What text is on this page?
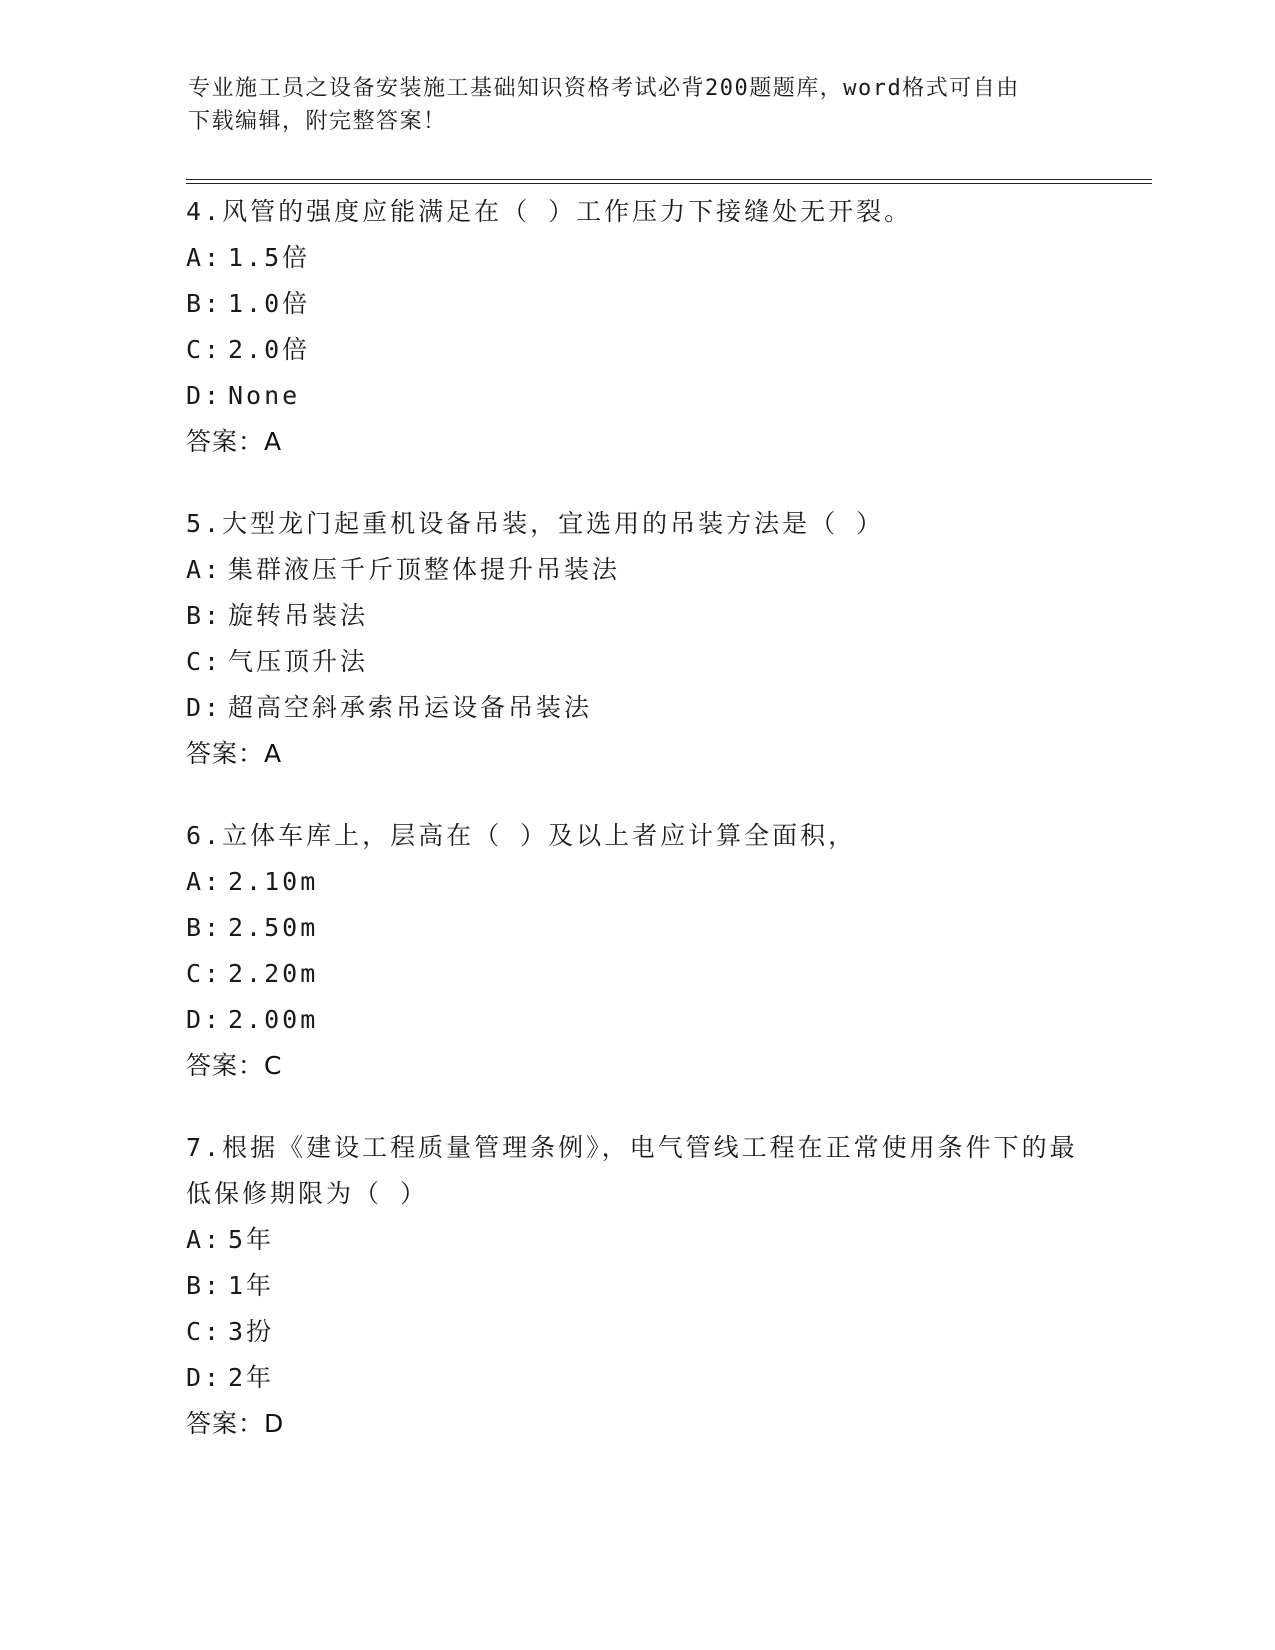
专业施工员之设备安装施工基础知识资格考试必背200题题库，word格式可自由
下载编辑，附完整答案！
4.风管的强度应能满足在（ ）工作压力下接缝处无开裂。
A: 1.5倍
B: 1.0倍
C: 2.0倍
D: None
答案：A
5.大型龙门起重机设备吊装，宜选用的吊装方法是（ ）
A: 集群液压千斤顶整体提升吊装法
B: 旋转吊装法
C: 气压顶升法
D: 超高空斜承索吊运设备吊装法
答案：A
6.立体车库上，层高在（ ）及以上者应计算全面积，
A: 2.10m
B: 2.50m
C: 2.20m
D: 2.00m
答案：C
7.根据《建设工程质量管理条例》，电气管线工程在正常使用条件下的最低保修期限为（ ）
A: 5年
B: 1年
C: 3扮
D: 2年
答案：D
